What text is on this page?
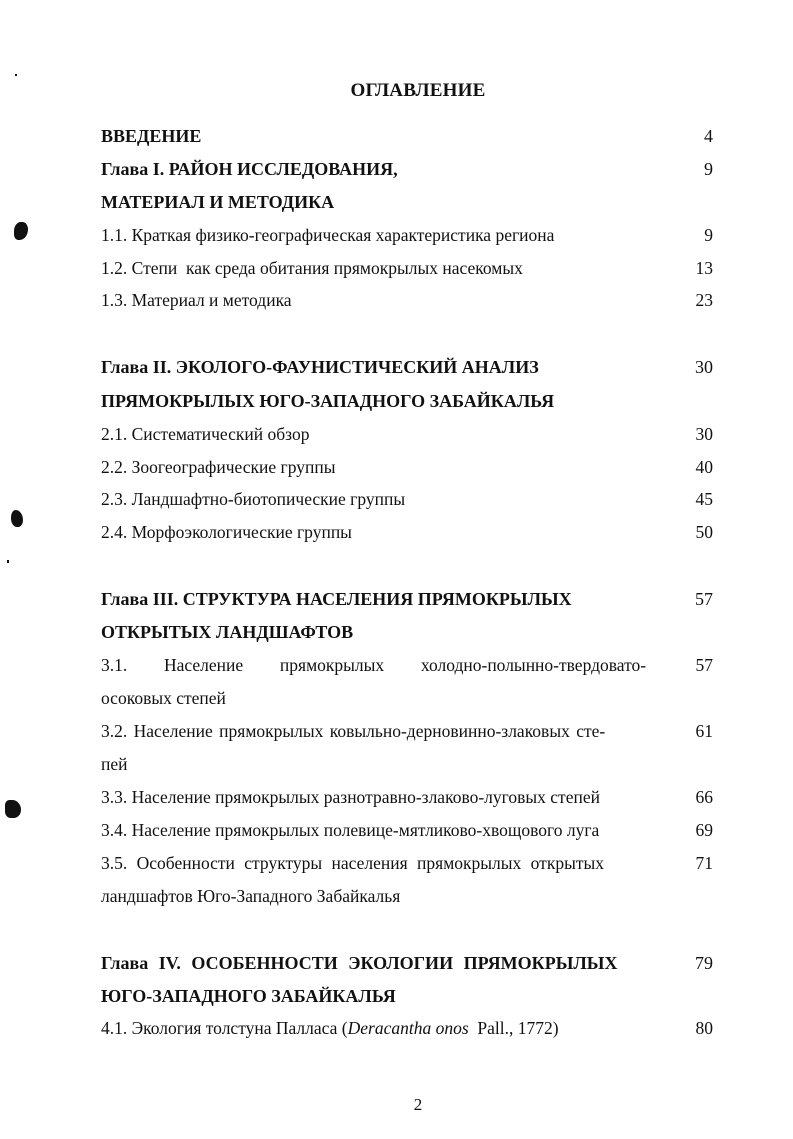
ОГЛАВЛЕНИЕ
ВВЕДЕНИЕ	4
Глава I. РАЙОН ИССЛЕДОВАНИЯ,	9
МАТЕРИАЛ И МЕТОДИКА
1.1. Краткая физико-географическая характеристика региона	9
1.2. Степи  как среда обитания прямокрылых насекомых	13
1.3. Материал и методика	23
Глава II. ЭКОЛОГО-ФАУНИСТИЧЕСКИЙ АНАЛИЗ	30
ПРЯМОКРЫЛЫХ ЮГО-ЗАПАДНОГО ЗАБАЙКАЛЬЯ
2.1. Систематический обзор	30
2.2. Зоогеографические группы	40
2.3. Ландшафтно-биотопические группы	45
2.4. Морфоэкологические группы	50
Глава III. СТРУКТУРА НАСЕЛЕНИЯ ПРЯМОКРЫЛЫХ	57
ОТКРЫТЫХ ЛАНДШАФТОВ
3.1.  Население  прямокрылых  холодно-полынно-твердовато-	57
осоковых степей
3.2. Население прямокрылых ковыльно-дерновинно-злаковых сте-	61
пей
3.3. Население прямокрылых разнотравно-злаково-луговых степей	66
3.4. Население прямокрылых полевице-мятликово-хвощового луга	69
3.5. Особенности структуры населения прямокрылых открытых	71
ландшафтов Юго-Западного Забайкалья
Глава IV. ОСОБЕННОСТИ ЭКОЛОГИИ ПРЯМОКРЫЛЫХ	79
ЮГО-ЗАПАДНОГО ЗАБАЙКАЛЬЯ
4.1. Экология толстуна Палласа (Deracantha onos  Pall., 1772)	80
2
